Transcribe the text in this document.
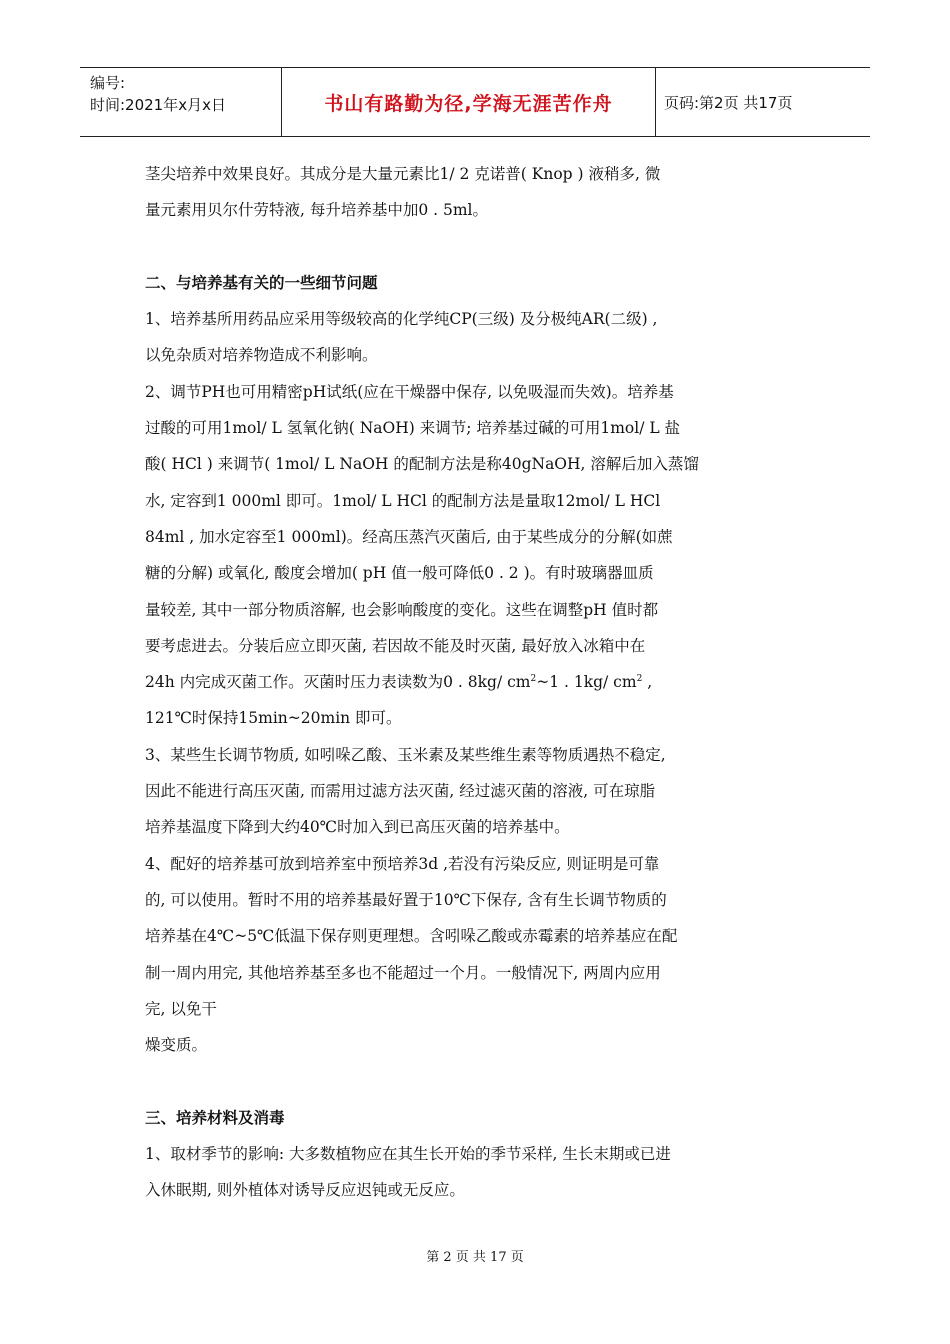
编号:
时间:2021年x月x日	书山有路勤为径,学海无涯苦作舟	页码:第2页 共17页
茎尖培养中效果良好。其成分是大量元素比1/ 2 克诺普( Knop ) 液稍多, 微
量元素用贝尔什劳特液, 每升培养基中加0 . 5ml。
二、与培养基有关的一些细节问题
1、培养基所用药品应采用等级较高的化学纯CP(三级) 及分极纯AR(二级) ,
以免杂质对培养物造成不利影响。
2、调节PH也可用精密pH试纸(应在干燥器中保存, 以免吸湿而失效)。培养基
过酸的可用1mol/ L 氢氧化钠( NaOH) 来调节; 培养基过碱的可用1mol/ L 盐
酸( HCl ) 来调节( 1mol/ L NaOH 的配制方法是称40gNaOH, 溶解后加入蒸馏
水, 定容到1 000ml 即可。1mol/ L HCl 的配制方法是量取12mol/ L HCl
84ml , 加水定容至1 000ml)。经高压蒸汽灭菌后, 由于某些成分的分解(如蔗
糖的分解) 或氧化, 酸度会增加( pH 值一般可降低0 . 2 )。有时玻璃器皿质
量较差, 其中一部分物质溶解, 也会影响酸度的变化。这些在调整pH 值时都
要考虑进去。分装后应立即灭菌, 若因故不能及时灭菌, 最好放入冰箱中在
24h 内完成灭菌工作。灭菌时压力表读数为0 . 8kg/ $cm^2\sim 1$ . 1kg/ $cm^2$ ,
121℃时保持15min~20min 即可。
3、某些生长调节物质, 如吲哚乙酸、玉米素及某些维生素等物质遇热不稳定,
因此不能进行高压灭菌, 而需用过滤方法灭菌, 经过滤灭菌的溶液, 可在琼脂
培养基温度下降到大约40℃时加入到已高压灭菌的培养基中。
4、配好的培养基可放到培养室中预培养3d ,若没有污染反应, 则证明是可靠
的, 可以使用。暂时不用的培养基最好置于10℃下保存, 含有生长调节物质的
培养基在4℃~5℃低温下保存则更理想。含吲哚乙酸或赤霉素的培养基应在配
制一周内用完, 其他培养基至多也不能超过一个月。一般情况下, 两周内应用
完, 以免干
燥变质。
三、培养材料及消毒
1、取材季节的影响: 大多数植物应在其生长开始的季节采样, 生长末期或已进
入休眠期, 则外植体对诱导反应迟钝或无反应。
第 2 页 共 17 页
